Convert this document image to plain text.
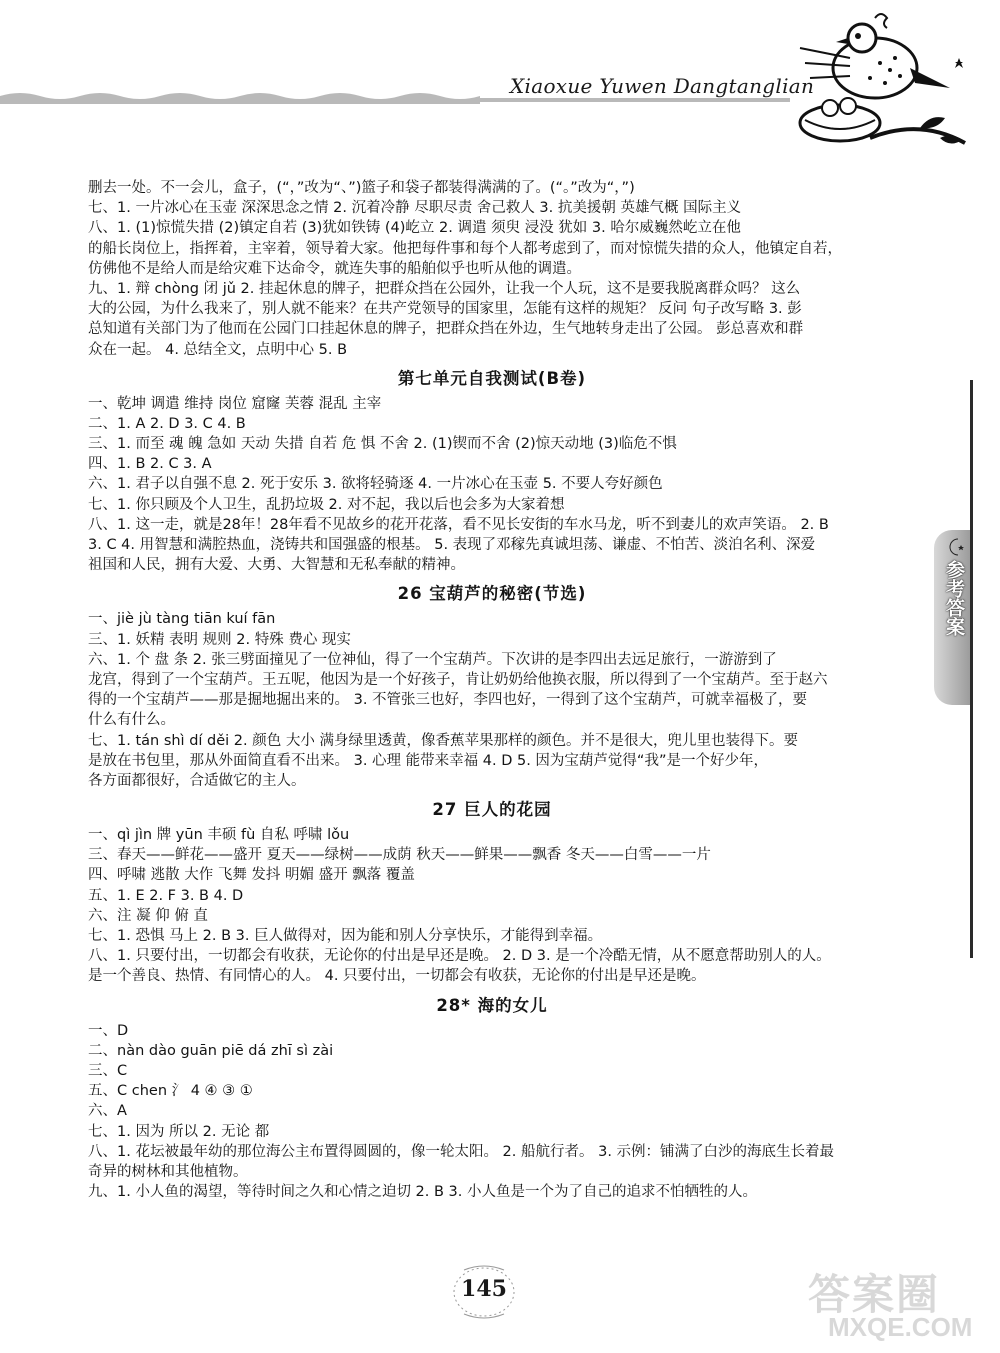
Xiaoxue Yuwen Dangtanglian
删去一处。不一会儿，盒子，(“，”改为“、”)篮子和袋子都装得满满的了。(“。”改为“，”)
七、1. 一片冰心在玉壶 深深思念之情 2. 沉着冷静 尽职尽责 舍己救人 3. 抗美援朝 英雄气概 国际主义
八、1. (1)惊慌失措 (2)镇定自若 (3)犹如铁铸 (4)屹立 2. 调遣 须臾 浸没 犹如 3. 哈尔威巍然屹立在他
的船长岗位上，指挥着，主宰着，领导着大家。他把每件事和每个人都考虑到了，而对惊慌失措的众人，他镇定自若，
仿佛他不是给人而是给灾难下达命令，就连失事的船舶似乎也听从他的调遣。
九、1. 辩 chòng 闭 jǔ 2. 挂起休息的牌子，把群众挡在公园外，让我一个人玩，这不是要我脱离群众吗？ 这么
大的公园，为什么我来了，别人就不能来？在共产党领导的国家里，怎能有这样的规矩？ 反问 句子改写略 3. 彭
总知道有关部门为了他而在公园门口挂起休息的牌子，把群众挡在外边，生气地转身走出了公园。 彭总喜欢和群
众在一起。 4. 总结全文，点明中心 5. B
第七单元自我测试(B卷)
一、乾坤 调遣 维持 岗位 窟窿 芙蓉 混乱 主宰
二、1. A 2. D 3. C 4. B
三、1. 而至 魂 魄 急如 天动 失措 自若 危 惧 不舍 2. (1)锲而不舍 (2)惊天动地 (3)临危不惧
四、1. B 2. C 3. A
六、1. 君子以自强不息 2. 死于安乐 3. 欲将轻骑逐 4. 一片冰心在玉壶 5. 不要人夸好颜色
七、1. 你只顾及个人卫生，乱扔垃圾 2. 对不起，我以后也会多为大家着想
八、1. 这一走，就是28年！28年看不见故乡的花开花落，看不见长安街的车水马龙，听不到妻儿的欢声笑语。 2. B
3. C 4. 用智慧和满腔热血，浇铸共和国强盛的根基。 5. 表现了邓稼先真诚坦荡、谦虚、不怕苦、淡泊名利、深爱
祖国和人民，拥有大爱、大勇、大智慧和无私奉献的精神。
26 宝葫芦的秘密(节选)
一、jiè jù tàng tiān kuí fān
三、1. 妖精 表明 规则 2. 特殊 费心 现实
六、1. 个 盘 条 2. 张三劈面撞见了一位神仙，得了一个宝葫芦。下次讲的是李四出去远足旅行，一游游到了
龙宫，得到了一个宝葫芦。王五呢，他因为是一个好孩子，肯让奶奶给他换衣服，所以得到了一个宝葫芦。至于赵六
得的一个宝葫芦——那是掘地掘出来的。 3. 不管张三也好，李四也好，一得到了这个宝葫芦，可就幸福极了，要
什么有什么。
七、1. tán shì dí děi 2. 颜色 大小 满身绿里透黄，像香蕉苹果那样的颜色。并不是很大，兜儿里也装得下。要
是放在书包里，那从外面简直看不出来。 3. 心理 能带来幸福 4. D 5. 因为宝葫芦觉得“我”是一个好少年，
各方面都很好，合适做它的主人。
27 巨人的花园
一、qì jìn 牌 yūn 丰硕 fù 自私 呼啸 lǒu
三、春天——鲜花——盛开 夏天——绿树——成荫 秋天——鲜果——飘香 冬天——白雪——一片
四、呼啸 逃散 大作 飞舞 发抖 明媚 盛开 飘落 覆盖
五、1. E 2. F 3. B 4. D
六、注 凝 仰 俯 直
七、1. 恐惧 马上 2. B 3. 巨人做得对，因为能和别人分享快乐，才能得到幸福。
八、1. 只要付出，一切都会有收获，无论你的付出是早还是晚。 2. D 3. 是一个冷酷无情，从不愿意帮助别人的人。
是一个善良、热情、有同情心的人。 4. 只要付出，一切都会有收获，无论你的付出是早还是晚。
28* 海的女儿
一、D
二、nàn dào guān piē dá zhī sì zài
三、C
五、C chen 氵 4 ④ ③ ①
六、A
七、1. 因为 所以 2. 无论 都
八、1. 花坛被最年幼的那位海公主布置得圆圆的，像一轮太阳。 2. 船航行者。 3. 示例：铺满了白沙的海底生长着最
奇异的树林和其他植物。
九、1. 小人鱼的渴望，等待时间之久和心情之迫切 2. B 3. 小人鱼是一个为了自己的追求不怕牺牲的人。
参考答案
145	答案圈
MXQE.COM
